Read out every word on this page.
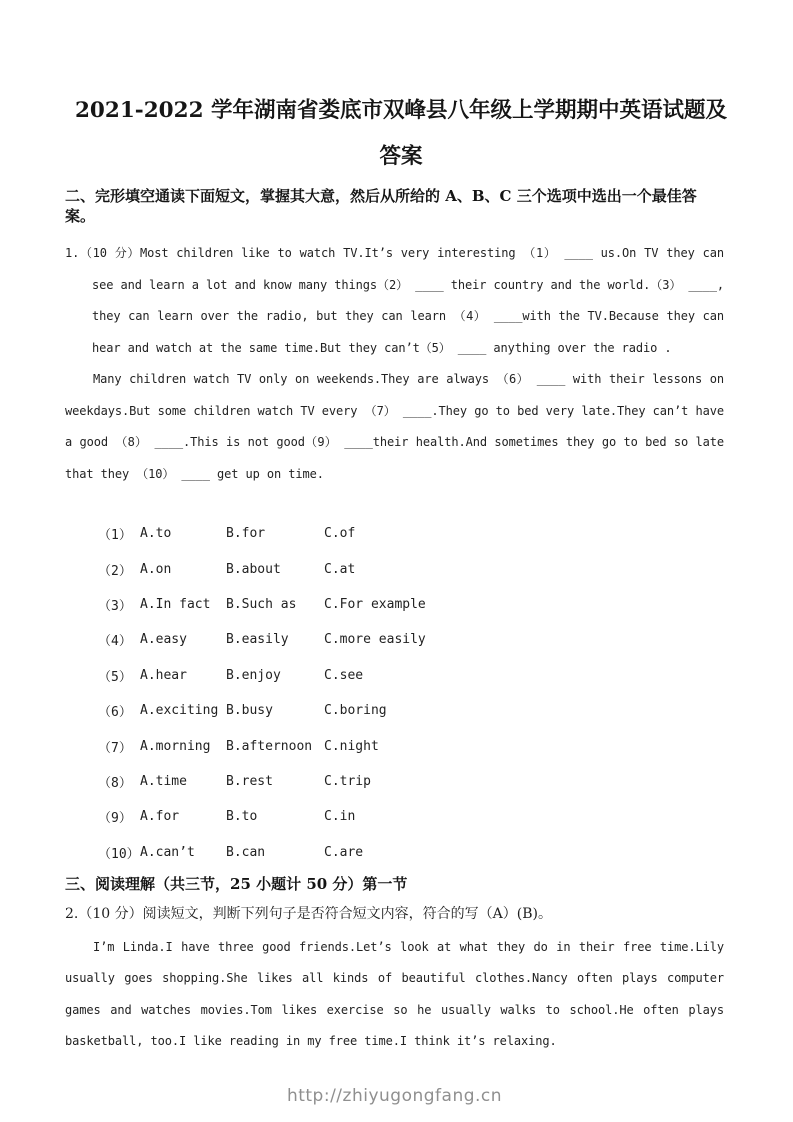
2021-2022 学年湖南省娄底市双峰县八年级上学期期中英语试题及答案
二、完形填空通读下面短文，掌握其大意，然后从所给的 A、B、C 三个选项中选出一个最佳答案。

1.（10 分）Most children like to watch TV.It’s very interesting （1） ____ us.On TV they can see and learn a lot and know many things（2） ____ their country and the world.（3） ____, they can learn over the radio, but they can learn （4） ____with the TV.Because they can hear and watch at the same time.But they can’t（5） ____ anything over the radio .

Many children watch TV only on weekends.They are always （6） ____ with their lessons on weekdays.But some children watch TV every （7） ____.They go to bed very late.They can’t have a good （8） ____.This is not good（9） ____their health.And sometimes they go to bed so late that they （10） ____ get up on time.

（1） A.to	B.for	C.of
（2） A.on	B.about	C.at
（3） A.In fact	B.Such as	C.For example
（4） A.easy	B.easily	C.more easily
（5） A.hear	B.enjoy	C.see
（6） A.exciting B.busy	C.boring
（7） A.morning	B.afternoon C.night
（8） A.time	B.rest	C.trip
（9） A.for	B.to	C.in
（10） A.can’t	B.can	C.are
三、阅读理解（共三节，25 小题计 50 分）第一节

2.（10 分）阅读短文，判断下列句子是否符合短文内容，符合的写（A）(B)。

I’m Linda.I have three good friends.Let’s look at what they do in their free time.Lily usually goes shopping.She likes all kinds of beautiful clothes.Nancy often plays computer games and watches movies.Tom likes exercise so he usually walks to school.He often plays basketball, too.I like reading in my free time.I think it’s relaxing.

http://zhiyugongfang.cn
